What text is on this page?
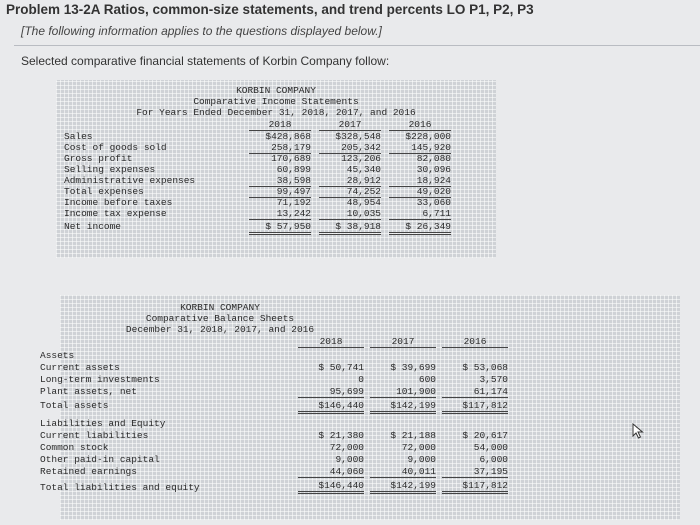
Problem 13-2A Ratios, common-size statements, and trend percents LO P1, P2, P3
[The following information applies to the questions displayed below.]
Selected comparative financial statements of Korbin Company follow:
KORBIN COMPANY
Comparative Income Statements
For Years Ended December 31, 2018, 2017, and 2016
2018	2017	2016
Sales	$428,868	$328,548	$228,000
Cost of goods sold	258,179	205,342	145,920
Gross profit	170,689	123,206	82,080
Selling expenses	60,899	45,340	30,096
Administrative expenses	38,598	28,912	18,924
Total expenses	99,497	74,252	49,020
Income before taxes	71,192	48,954	33,060
Income tax expense	13,242	10,035	6,711
Net income	$ 57,950	$ 38,918	$ 26,349
KORBIN COMPANY
Comparative Balance Sheets
December 31, 2018, 2017, and 2016
2018	2017	2016
Assets
Current assets	$ 50,741	$ 39,699	$ 53,068
Long-term investments	0	600	3,570
Plant assets, net	95,699	101,900	61,174
Total assets	$146,440	$142,199	$117,812
Liabilities and Equity
Current liabilities	$ 21,380	$ 21,188	$ 20,617
Common stock	72,000	72,000	54,000
Other paid-in capital	9,000	9,000	6,000
Retained earnings	44,060	40,011	37,195
Total liabilities and equity	$146,440	$142,199	$117,812
